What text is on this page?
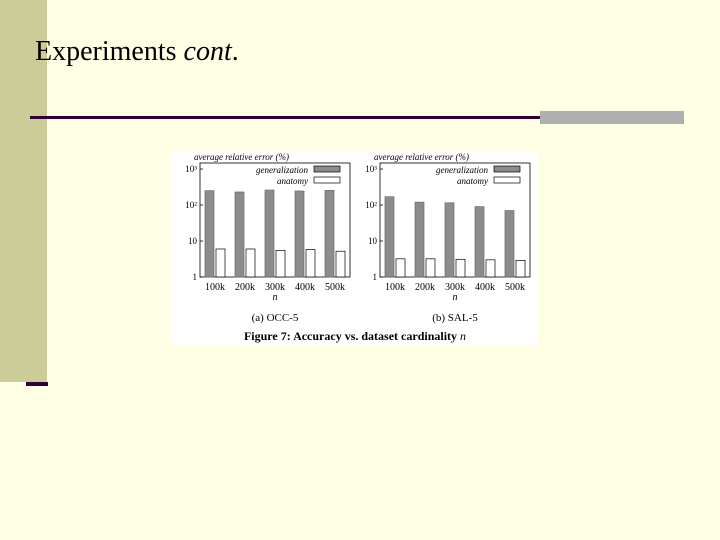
Experiments cont.
Figure 7: Accuracy vs. dataset cardinality n
average relative error (%)
1
10
10²
10³
100k 200k 300k 400k 500k
n
(a) OCC-5
generalization
anatomy
average relative error (%)
1
10
10²
10³
100k 200k 300k 400k 500k
n
(b) SAL-5
generalization
anatomy
